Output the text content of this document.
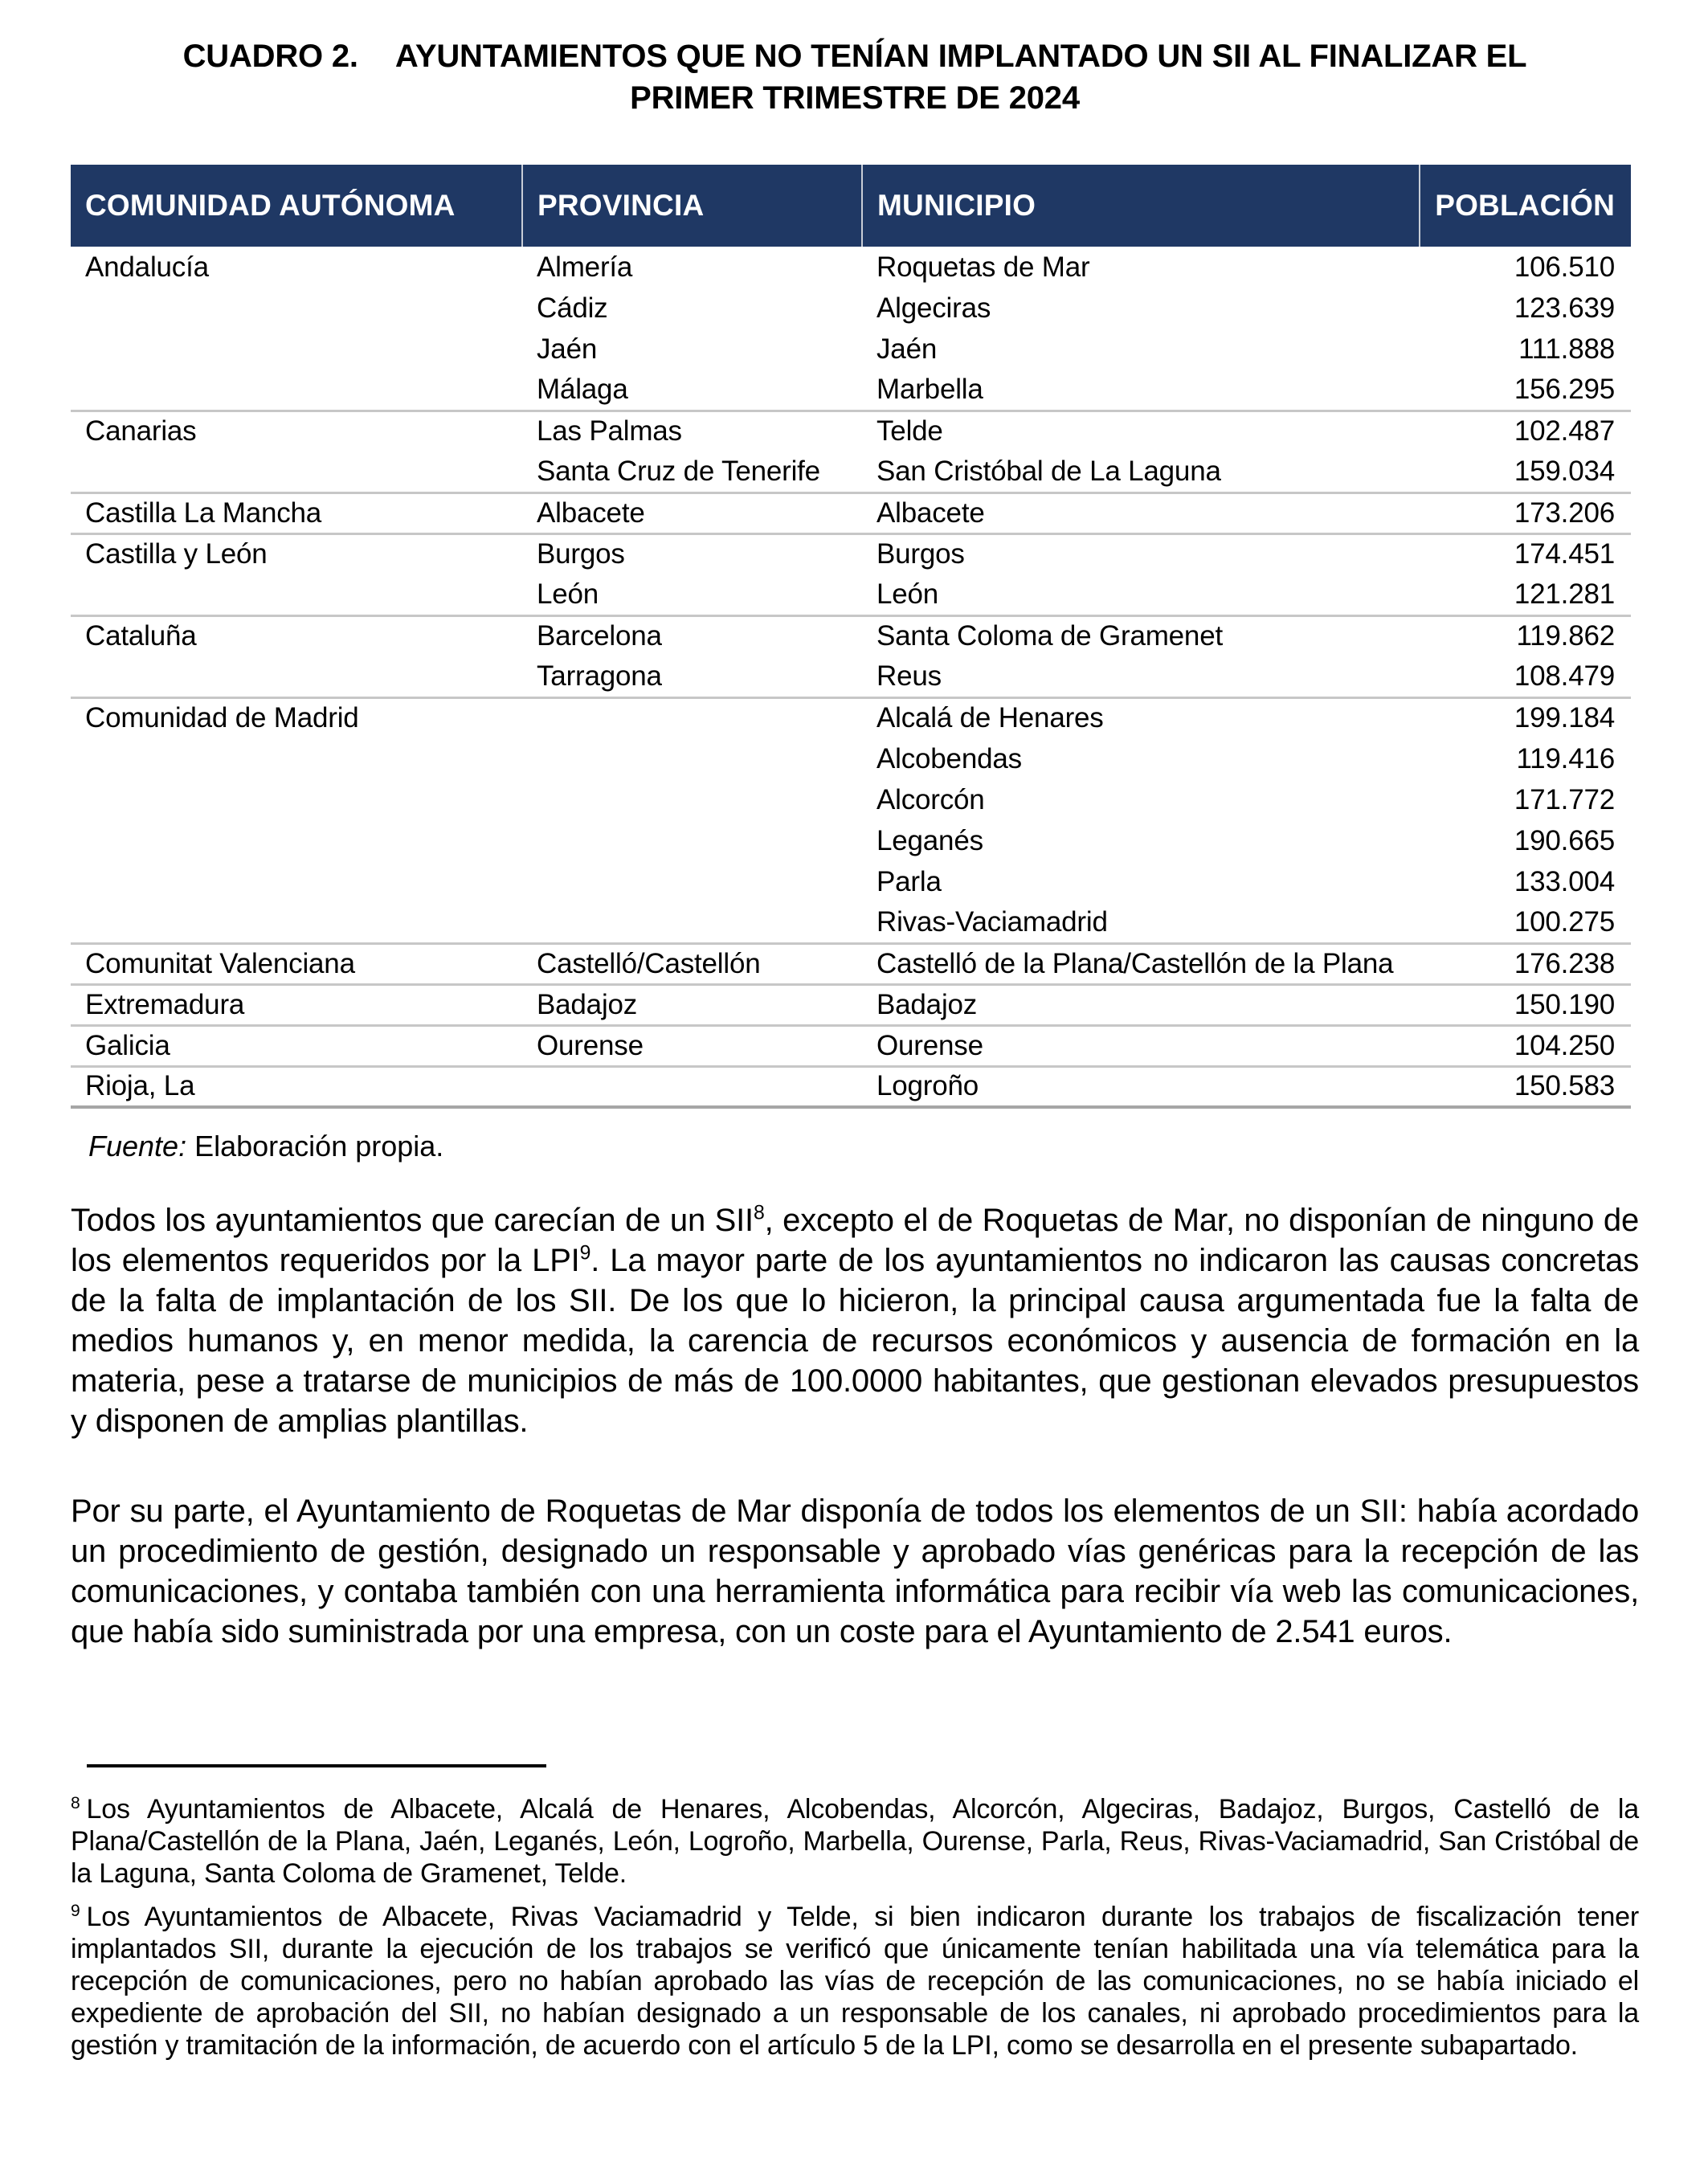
CUADRO 2. AYUNTAMIENTOS QUE NO TENÍAN IMPLANTADO UN SII AL FINALIZAR EL
PRIMER TRIMESTRE DE 2024
COMUNIDAD AUTÓNOMA	PROVINCIA	MUNICIPIO	POBLACIÓN
Andalucía	Almería	Roquetas de Mar	106.510
	Cádiz	Algeciras	123.639
	Jaén	Jaén	111.888
	Málaga	Marbella	156.295
Canarias	Las Palmas	Telde	102.487
	Santa Cruz de Tenerife	San Cristóbal de La Laguna	159.034
Castilla La Mancha	Albacete	Albacete	173.206
Castilla y León	Burgos	Burgos	174.451
	León	León	121.281
Cataluña	Barcelona	Santa Coloma de Gramenet	119.862
	Tarragona	Reus	108.479
Comunidad de Madrid		Alcalá de Henares	199.184
		Alcobendas	119.416
		Alcorcón	171.772
		Leganés	190.665
		Parla	133.004
		Rivas-Vaciamadrid	100.275
Comunitat Valenciana	Castelló/Castellón	Castelló de la Plana/Castellón de la Plana	176.238
Extremadura	Badajoz	Badajoz	150.190
Galicia	Ourense	Ourense	104.250
Rioja, La		Logroño	150.583
Fuente: Elaboración propia.

Todos los ayuntamientos que carecían de un SII$^8$, excepto el de Roquetas de Mar, no disponían de ninguno de los elementos requeridos por la LPI$^9$. La mayor parte de los ayuntamientos no indicaron las causas concretas de la falta de implantación de los SII. De los que lo hicieron, la principal causa argumentada fue la falta de medios humanos y, en menor medida, la carencia de recursos económicos y ausencia de formación en la materia, pese a tratarse de municipios de más de 100.0000 habitantes, que gestionan elevados presupuestos y disponen de amplias plantillas.

Por su parte, el Ayuntamiento de Roquetas de Mar disponía de todos los elementos de un SII: había acordado un procedimiento de gestión, designado un responsable y aprobado vías genéricas para la recepción de las comunicaciones, y contaba también con una herramienta informática para recibir vía web las comunicaciones, que había sido suministrada por una empresa, con un coste para el Ayuntamiento de 2.541 euros.

$^8$ Los Ayuntamientos de Albacete, Alcalá de Henares, Alcobendas, Alcorcón, Algeciras, Badajoz, Burgos, Castelló de la Plana/Castellón de la Plana, Jaén, Leganés, León, Logroño, Marbella, Ourense, Parla, Reus, Rivas-Vaciamadrid, San Cristóbal de la Laguna, Santa Coloma de Gramenet, Telde.

$^9$ Los Ayuntamientos de Albacete, Rivas Vaciamadrid y Telde, si bien indicaron durante los trabajos de fiscalización tener implantados SII, durante la ejecución de los trabajos se verificó que únicamente tenían habilitada una vía telemática para la recepción de comunicaciones, pero no habían aprobado las vías de recepción de las comunicaciones, no se había iniciado el expediente de aprobación del SII, no habían designado a un responsable de los canales, ni aprobado procedimientos para la gestión y tramitación de la información, de acuerdo con el artículo 5 de la LPI, como se desarrolla en el presente subapartado.
